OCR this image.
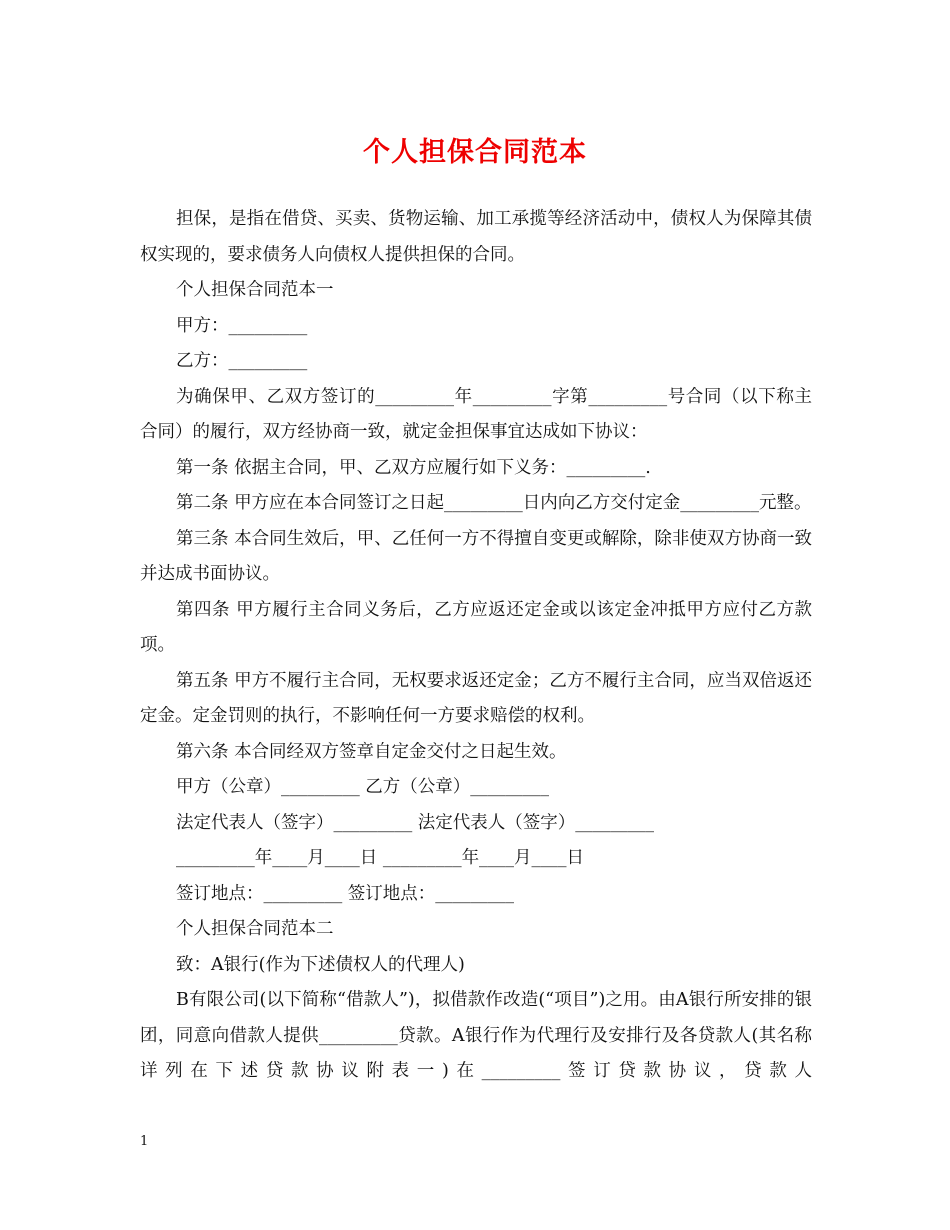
个人担保合同范本

担保，是指在借贷、买卖、货物运输、加工承揽等经济活动中，债权人为保障其债权实现的，要求债务人向债权人提供担保的合同。

个人担保合同范本一

甲方：_________

乙方：_________

为确保甲、乙双方签订的_________年_________字第_________号合同（以下称主合同）的履行，双方经协商一致，就定金担保事宜达成如下协议：

第一条 依据主合同，甲、乙双方应履行如下义务：_________.

第二条 甲方应在本合同签订之日起_________日内向乙方交付定金_________元整。

第三条 本合同生效后，甲、乙任何一方不得擅自变更或解除，除非使双方协商一致并达成书面协议。

第四条 甲方履行主合同义务后，乙方应返还定金或以该定金冲抵甲方应付乙方款项。

第五条 甲方不履行主合同，无权要求返还定金；乙方不履行主合同，应当双倍返还定金。定金罚则的执行，不影响任何一方要求赔偿的权利。

第六条 本合同经双方签章自定金交付之日起生效。

甲方（公章）_________ 乙方（公章）_________

法定代表人（签字）_________ 法定代表人（签字）_________

_________年____月____日 _________年____月____日

签订地点：_________ 签订地点：_________

个人担保合同范本二

致：A银行(作为下述债权人的代理人)

B有限公司(以下简称“借款人”)，拟借款作改造(“项目”)之用。由A银行所安排的银团，同意向借款人提供_________贷款。A银行作为代理行及安排行及各贷款人(其名称详列在下述贷款协议附表一)在_________签订贷款协议，贷款人

1
